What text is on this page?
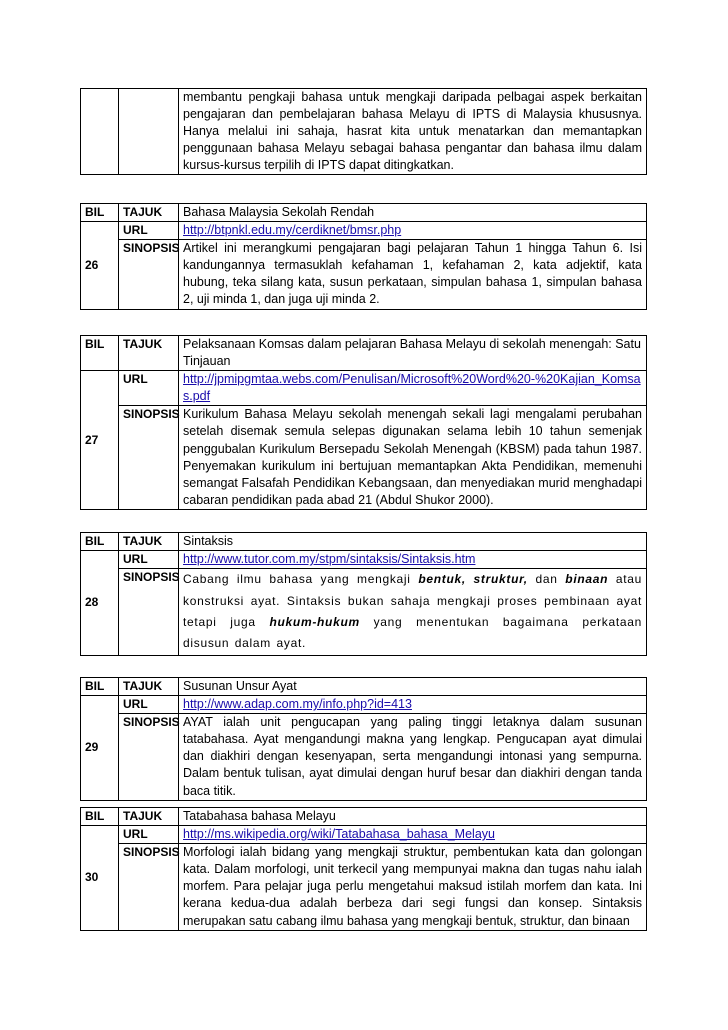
		membantu pengkaji bahasa untuk mengkaji daripada pelbagai aspek berkaitan pengajaran dan pembelajaran bahasa Melayu di IPTS di Malaysia khususnya. Hanya melalui ini sahaja, hasrat kita untuk menatarkan dan memantapkan penggunaan bahasa Melayu sebagai bahasa pengantar dan bahasa ilmu dalam kursus-kursus terpilih di IPTS dapat ditingkatkan.
BIL	TAJUK	Bahasa Malaysia Sekolah Rendah
26	URL	http://btpnkl.edu.my/cerdiknet/bmsr.php
	SINOPSIS	Artikel ini merangkumi pengajaran bagi pelajaran Tahun 1 hingga Tahun 6. Isi kandungannya termasuklah kefahaman 1, kefahaman 2, kata adjektif, kata hubung, teka silang kata, susun perkataan, simpulan bahasa 1, simpulan bahasa 2, uji minda 1, dan juga uji minda 2.
BIL	TAJUK	Pelaksanaan Komsas dalam pelajaran Bahasa Melayu di sekolah menengah: Satu Tinjauan
27	URL	http://jpmipgmtaa.webs.com/Penulisan/Microsoft%20Word%20-%20Kajian_Komsas.pdf
	SINOPSIS	Kurikulum Bahasa Melayu sekolah menengah sekali lagi mengalami perubahan setelah disemak semula selepas digunakan selama lebih 10 tahun semenjak penggubalan Kurikulum Bersepadu Sekolah Menengah (KBSM) pada tahun 1987. Penyemakan kurikulum ini bertujuan memantapkan Akta Pendidikan, memenuhi semangat Falsafah Pendidikan Kebangsaan, dan menyediakan murid menghadapi cabaran pendidikan pada abad 21 (Abdul Shukor 2000).
BIL	TAJUK	Sintaksis
28	URL	http://www.tutor.com.my/stpm/sintaksis/Sintaksis.htm
	SINOPSIS	Cabang ilmu bahasa yang mengkaji bentuk, struktur, dan binaan atau konstruksi ayat. Sintaksis bukan sahaja mengkaji proses pembinaan ayat tetapi juga hukum-hukum yang menentukan bagaimana perkataan disusun dalam ayat.
BIL	TAJUK	Susunan Unsur Ayat
29	URL	http://www.adap.com.my/info.php?id=413
	SINOPSIS	AYAT ialah unit pengucapan yang paling tinggi letaknya dalam susunan tatabahasa. Ayat mengandungi makna yang lengkap. Pengucapan ayat dimulai dan diakhiri dengan kesenyapan, serta mengandungi intonasi yang sempurna. Dalam bentuk tulisan, ayat dimulai dengan huruf besar dan diakhiri dengan tanda baca titik.
BIL	TAJUK	Tatabahasa bahasa Melayu
30	URL	http://ms.wikipedia.org/wiki/Tatabahasa_bahasa_Melayu
	SINOPSIS	Morfologi ialah bidang yang mengkaji struktur, pembentukan kata dan golongan kata. Dalam morfologi, unit terkecil yang mempunyai makna dan tugas nahu ialah morfem. Para pelajar juga perlu mengetahui maksud istilah morfem dan kata. Ini kerana kedua-dua adalah berbeza dari segi fungsi dan konsep. Sintaksis merupakan satu cabang ilmu bahasa yang mengkaji bentuk, struktur, dan binaan
